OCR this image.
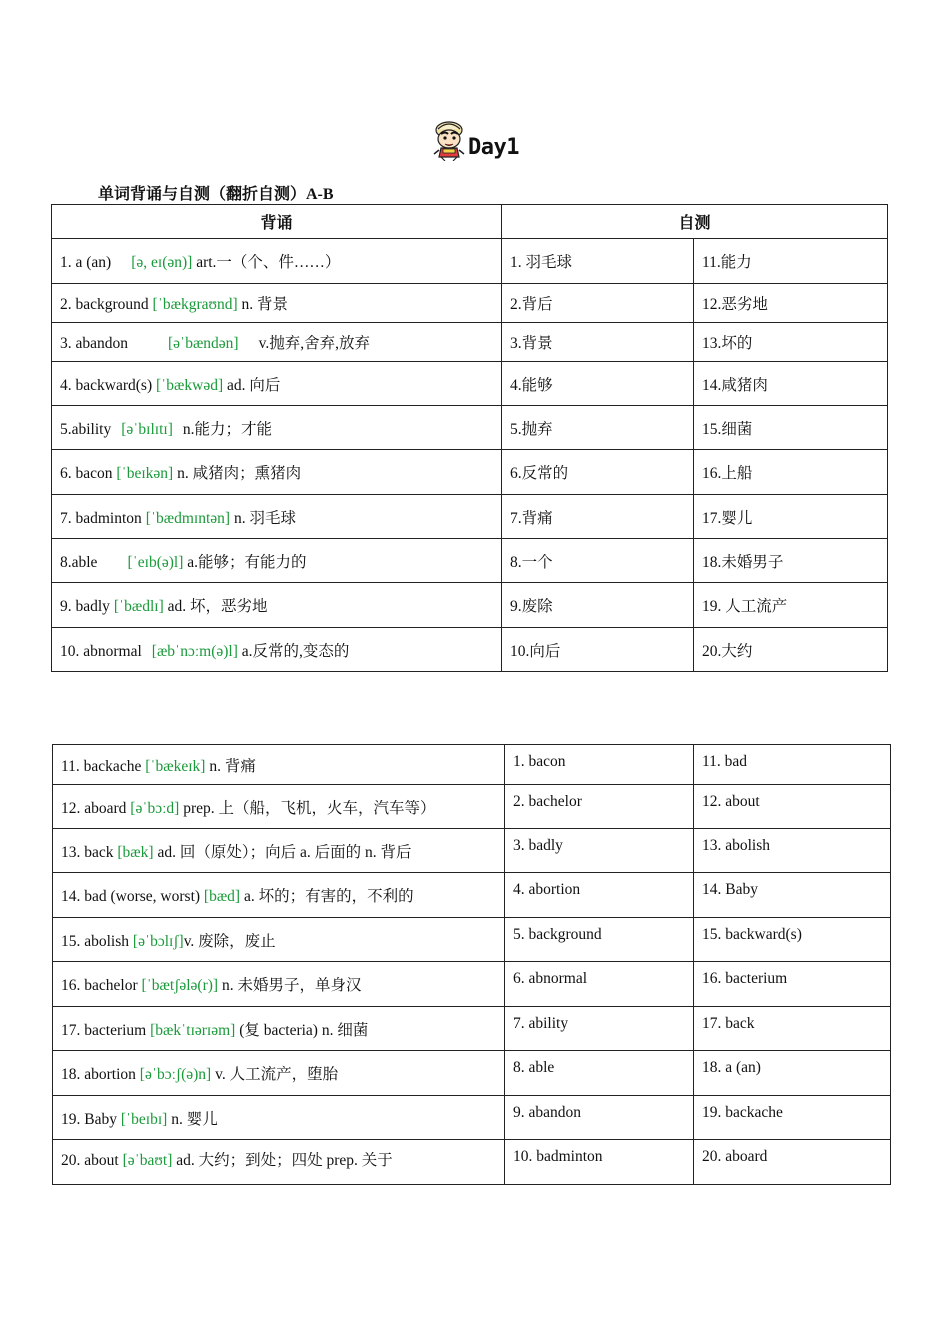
Day1
单词背诵与自测（翻折自测）A-B
背诵	自测	
1. a (an) [ə, eɪ(ən)] art.一（个、件……）	1. 羽毛球	11.能力
2. background [ˈbækgraʊnd] n. 背景	2.背后	12.恶劣地
3. abandon [əˈbændən] v.抛弃,舍弃,放弃	3.背景	13.坏的
4. backward(s) [ˈbækwəd] ad. 向后	4.能够	14.咸猪肉
5.ability [əˈbɪlɪtɪ] n.能力；才能	5.抛弃	15.细菌
6. bacon [ˈbeɪkən] n. 咸猪肉；熏猪肉	6.反常的	16.上船
7. badminton [ˈbædmɪntən] n. 羽毛球	7.背痛	17.婴儿
8.able [ˈeɪb(ə)l] a.能够；有能力的	8.一个	18.未婚男子
9. badly [ˈbædlɪ] ad. 坏，恶劣地	9.废除	19. 人工流产
10. abnormal [æbˈnɔːm(ə)l] a.反常的,变态的	10.向后	20.大约
11. backache [ˈbækeɪk] n. 背痛	1. bacon	11. bad
12. aboard [əˈbɔːd] prep. 上（船，飞机，火车，汽车等）	2. bachelor	12. about
13. back [bæk] ad. 回（原处）；向后 a. 后面的 n. 背后	3. badly	13. abolish
14. bad (worse, worst) [bæd] a. 坏的；有害的，不利的	4. abortion	14. Baby
15. abolish [əˈbɔlɪʃ]v. 废除，废止	5. background	15. backward(s)
16. bachelor [ˈbætʃələ(r)] n. 未婚男子，单身汉	6. abnormal	16. bacterium
17. bacterium [bækˈtɪərɪəm] (复 bacteria) n. 细菌	7. ability	17. back
18. abortion [əˈbɔːʃ(ə)n] v. 人工流产，堕胎	8. able	18. a (an)
19. Baby [ˈbeɪbɪ] n. 婴儿	9. abandon	19. backache
20. about [əˈbaʊt] ad. 大约；到处；四处 prep. 关于	10. badminton	20. aboard
